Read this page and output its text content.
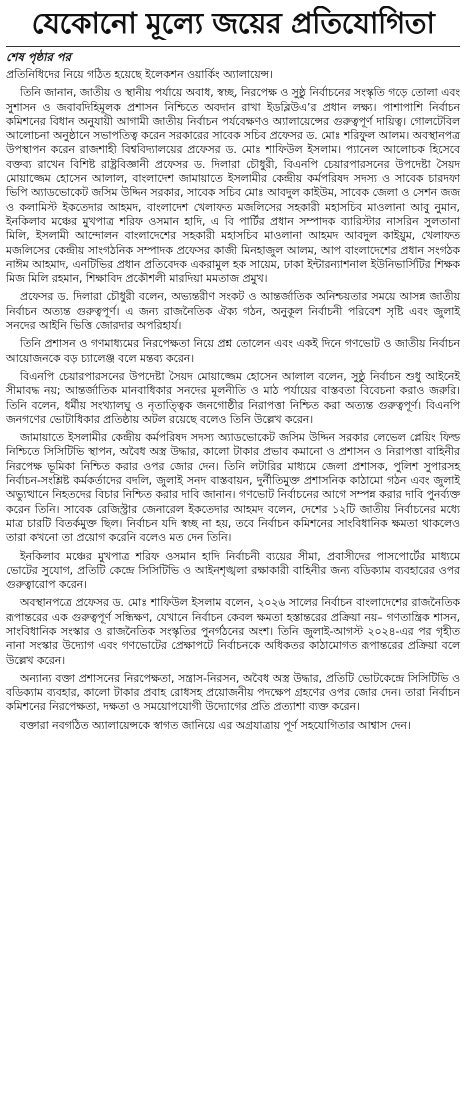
যেকোনো মূল্যে জয়ের প্রতিযোগিতা
শেষ পৃষ্ঠার পর

প্রতিনিধিদের নিয়ে গঠিত হয়েছে ইলেকশন ওয়ার্কিং অ্যালায়েন্স।

তিনি জানান, জাতীয় ও স্থানীয় পর্যায়ে অবাধ, স্বচ্ছ, নিরপেক্ষ ও সুষ্ঠু নির্বাচনের সংস্কৃতি গড়ে তোলা এবং সুশাসন ও জবাবদিহিমূলক প্রশাসন নিশ্চিতে অবদান রাখা ইডব্লিউএ’র প্রধান লক্ষ্য। পাশাপাশি নির্বাচন কমিশনের বিধান অনুযায়ী আগামী জাতীয় নির্বাচন পর্যবেক্ষণও অ্যালায়েন্সের গুরুত্বপূর্ণ দায়িত্ব। গোলটেবিল আলোচনা অনুষ্ঠানে সভাপতিত্ব করেন সরকারের সাবেক সচিব প্রফেসর ড. মোঃ শরিফুল আলম। অবস্থানপত্র উপস্থাপন করেন রাজশাহী বিশ্ববিদ্যালয়ের প্রফেসর ড. মোঃ শাফিউল ইসলাম। প্যানেল আলোচক হিসেবে বক্তব্য রাখেন বিশিষ্ট রাষ্ট্রবিজ্ঞানী প্রফেসর ড. দিলারা চৌধুরী, বিএনপি চেয়ারপারসনের উপদেষ্টা সৈয়দ মোয়াজ্জেম হোসেন আলাল, বাংলাদেশ জামায়াতে ইসলামীর কেন্দ্রীয় কর্মপরিষদ সদস্য ও সাবেক চারদফা ভিপি অ্যাডভোকেট জসিম উদ্দিন সরকার, সাবেক সচিব মোঃ আবদুল কাইউম, সাবেক জেলা ও সেশন জজ ও কলামিস্ট ইকতেদার আহমদ, বাংলাদেশ খেলাফত মজলিসের সহকারী মহাসচিব মাওলানা আবু নুমান, ইনকিলাব মঞ্চের মুখপাত্র শরিফ ওসমান হাদি, এ বি পার্টির প্রধান সম্পাদক ব্যারিস্টার নাসরিন সুলতানা মিলি, ইসলামী আন্দোলন বাংলাদেশের সহকারী মহাসচিব মাওলানা আহমদ আবদুল কাইয়ুম, খেলাফত মজলিসের কেন্দ্রীয় সাংগঠনিক সম্পাদক প্রফেসর কাজী মিনহাজুল আলম, আপ বাংলাদেশের প্রধান সংগঠক নাঈম আহমাদ, এনটিভির প্রধান প্রতিবেদক একরামুল হক সায়েম, ঢাকা ইন্টারন্যাশনাল ইউনিভার্সিটির শিক্ষক মিজ মিলি রহমান, শিক্ষাবিদ প্রকৌশলী মারদিয়া মমতাজ প্রমুখ।

প্রফেসর ড. দিলারা চৌধুরী বলেন, অভ্যন্তরীণ সংকট ও আন্তর্জাতিক অনিশ্চয়তার সময়ে আসন্ন জাতীয় নির্বাচন অত্যন্ত গুরুত্বপূর্ণ। এ জন্য রাজনৈতিক ঐক্য গঠন, অনুকূল নির্বাচনী পরিবেশ সৃষ্টি এবং জুলাই সনদের আইনি ভিত্তি জোরদার অপরিহার্য।

তিনি প্রশাসন ও গণমাধ্যমের নিরপেক্ষতা নিয়ে প্রশ্ন তোলেন এবং একই দিনে গণভোট ও জাতীয় নির্বাচন আয়োজনকে বড় চ্যালেঞ্জ বলে মন্তব্য করেন।

বিএনপি চেয়ারপারসনের উপদেষ্টা সৈয়দ মোয়াজ্জেম হোসেন আলাল বলেন, সুষ্ঠু নির্বাচন শুধু আইনেই সীমাবদ্ধ নয়; আন্তর্জাতিক মানবাধিকার সনদের মূলনীতি ও মাঠ পর্যায়ের বাস্তবতা বিবেচনা করাও জরুরি। তিনি বলেন, ধর্মীয় সংখ্যালঘু ও নৃতাত্ত্বিক জনগোষ্ঠীর নিরাপত্তা নিশ্চিত করা অত্যন্ত গুরুত্বপূর্ণ। বিএনপি জনগণের ভোটাধিকার প্রতিষ্ঠায় অটল রয়েছে বলেও তিনি উল্লেখ করেন।

জামায়াতে ইসলামীর কেন্দ্রীয় কর্মপরিষদ সদস্য অ্যাডভোকেট জসিম উদ্দিন সরকার লেভেল প্লেয়িং ফিল্ড নিশ্চিতে সিসিটিভি স্থাপন, অবৈধ অস্ত্র উদ্ধার, কালো টাকার প্রভাব কমানো ও প্রশাসন ও নিরাপত্তা বাহিনীর নিরপেক্ষ ভূমিকা নিশ্চিত করার ওপর জোর দেন। তিনি লটারির মাধ্যমে জেলা প্রশাসক, পুলিশ সুপারসহ নির্বাচন-সংশ্লিষ্ট কর্মকর্তাদের বদলি, জুলাই সনদ বাস্তবায়ন, দুর্নীতিমুক্ত প্রশাসনিক কাঠামো গঠন এবং জুলাই অভ্যুত্থানে নিহতদের বিচার নিশ্চিত করার দাবি জানান। গণভোট নির্বাচনের আগে সম্পন্ন করার দাবি পুনর্ব্যক্ত করেন তিনি। সাবেক রেজিস্ট্রার জেনারেল ইকতেদার আহমদ বলেন, দেশের ১২টি জাতীয় নির্বাচনের মধ্যে মাত্র চারটি বিতর্কমুক্ত ছিল। নির্বাচন যদি স্বচ্ছ না হয়, তবে নির্বাচন কমিশনের সাংবিধানিক ক্ষমতা থাকলেও তারা কখনো তা প্রয়োগ করেনি বলেও মত দেন তিনি।

ইনকিলাব মঞ্চের মুখপাত্র শরিফ ওসমান হাদি নির্বাচনী ব্যয়ের সীমা, প্রবাসীদের পাসপোর্টের মাধ্যমে ভোটের সুযোগ, প্রতিটি কেন্দ্রে সিসিটিভি ও আইনশৃঙ্খলা রক্ষাকারী বাহিনীর জন্য বডিক্যাম ব্যবহারের ওপর গুরুত্বারোপ করেন।

অবস্থানপত্রে প্রফেসর ড. মোঃ শাফিউল ইসলাম বলেন, ২০২৬ সালের নির্বাচন বাংলাদেশের রাজনৈতিক রূপান্তরের এক গুরুত্বপূর্ণ সন্ধিক্ষণ, যেখানে নির্বাচন কেবল ক্ষমতা হস্তান্তরের প্রক্রিয়া নয়– গণতান্ত্রিক শাসন, সাংবিধানিক সংস্কার ও রাজনৈতিক সংস্কৃতির পুনর্গঠনের অংশ। তিনি জুলাই-আগস্ট ২০২৪-এর পর গৃহীত নানা সংস্কার উদ্যোগ এবং গণভোটের প্রেক্ষাপটে নির্বাচনকে অধিকতর কাঠামোগত রূপান্তরের প্রক্রিয়া বলে উল্লেখ করেন।

অন্যান্য বক্তা প্রশাসনের নিরপেক্ষতা, সন্ত্রাস-নিরসন, অবৈধ অস্ত্র উদ্ধার, প্রতিটি ভোটকেন্দ্রে সিসিটিভি ও বডিক্যাম ব্যবহার, কালো টাকার প্রবাহ রোধসহ প্রয়োজনীয় পদক্ষেপ গ্রহণের ওপর জোর দেন। তারা নির্বাচন কমিশনের নিরপেক্ষতা, দক্ষতা ও সময়োপযোগী উদ্যোগের প্রতি প্রত্যাশা ব্যক্ত করেন।

বক্তারা নবগঠিত অ্যালায়েন্সকে স্বাগত জানিয়ে এর অগ্রযাত্রায় পূর্ণ সহযোগিতার আশ্বাস দেন।
